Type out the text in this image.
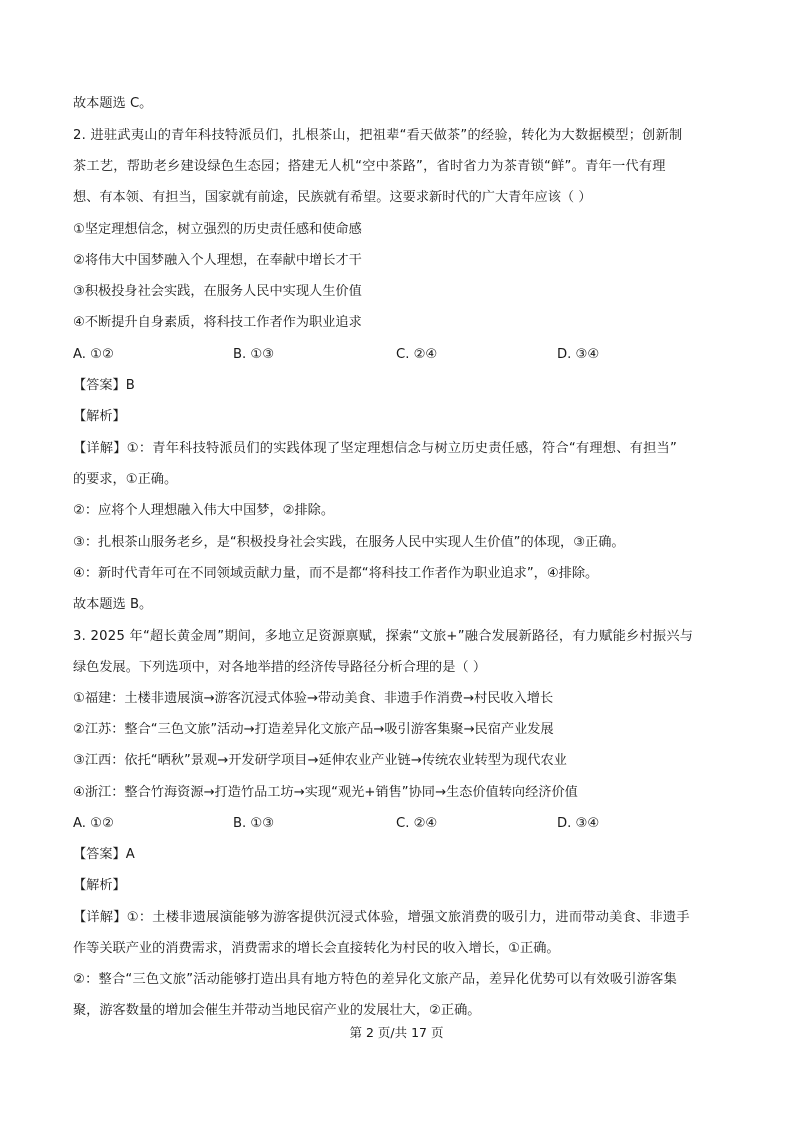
故本题选 C。
2. 进驻武夷山的青年科技特派员们，扎根茶山，把祖辈“看天做茶”的经验，转化为大数据模型；创新制
茶工艺，帮助老乡建设绿色生态园；搭建无人机“空中茶路”，省时省力为茶青锁“鲜”。青年一代有理
想、有本领、有担当，国家就有前途，民族就有希望。这要求新时代的广大青年应该（ ）
①坚定理想信念，树立强烈的历史责任感和使命感
②将伟大中国梦融入个人理想，在奉献中增长才干
③积极投身社会实践，在服务人民中实现人生价值
④不断提升自身素质，将科技工作者作为职业追求
A. ①②	B. ①③	C. ②④	D. ③④
【答案】B
【解析】
【详解】①：青年科技特派员们的实践体现了坚定理想信念与树立历史责任感，符合“有理想、有担当”
的要求，①正确。
②：应将个人理想融入伟大中国梦，②排除。
③：扎根茶山服务老乡，是“积极投身社会实践，在服务人民中实现人生价值”的体现，③正确。
④：新时代青年可在不同领域贡献力量，而不是都“将科技工作者作为职业追求”，④排除。
故本题选 B。
3. 2025 年“超长黄金周”期间，多地立足资源禀赋，探索“文旅+”融合发展新路径，有力赋能乡村振兴与
绿色发展。下列选项中，对各地举措的经济传导路径分析合理的是（ ）
①福建：土楼非遗展演→游客沉浸式体验→带动美食、非遗手作消费→村民收入增长
②江苏：整合“三色文旅”活动→打造差异化文旅产品→吸引游客集聚→民宿产业发展
③江西：依托“晒秋”景观→开发研学项目→延伸农业产业链→传统农业转型为现代农业
④浙江：整合竹海资源→打造竹品工坊→实现“观光+销售”协同→生态价值转向经济价值
A. ①②	B. ①③	C. ②④	D. ③④
【答案】A
【解析】
【详解】①：土楼非遗展演能够为游客提供沉浸式体验，增强文旅消费的吸引力，进而带动美食、非遗手
作等关联产业的消费需求，消费需求的增长会直接转化为村民的收入增长，①正确。
②：整合“三色文旅”活动能够打造出具有地方特色的差异化文旅产品，差异化优势可以有效吸引游客集
聚，游客数量的增加会催生并带动当地民宿产业的发展壮大，②正确。
第 2 页/共 17 页
